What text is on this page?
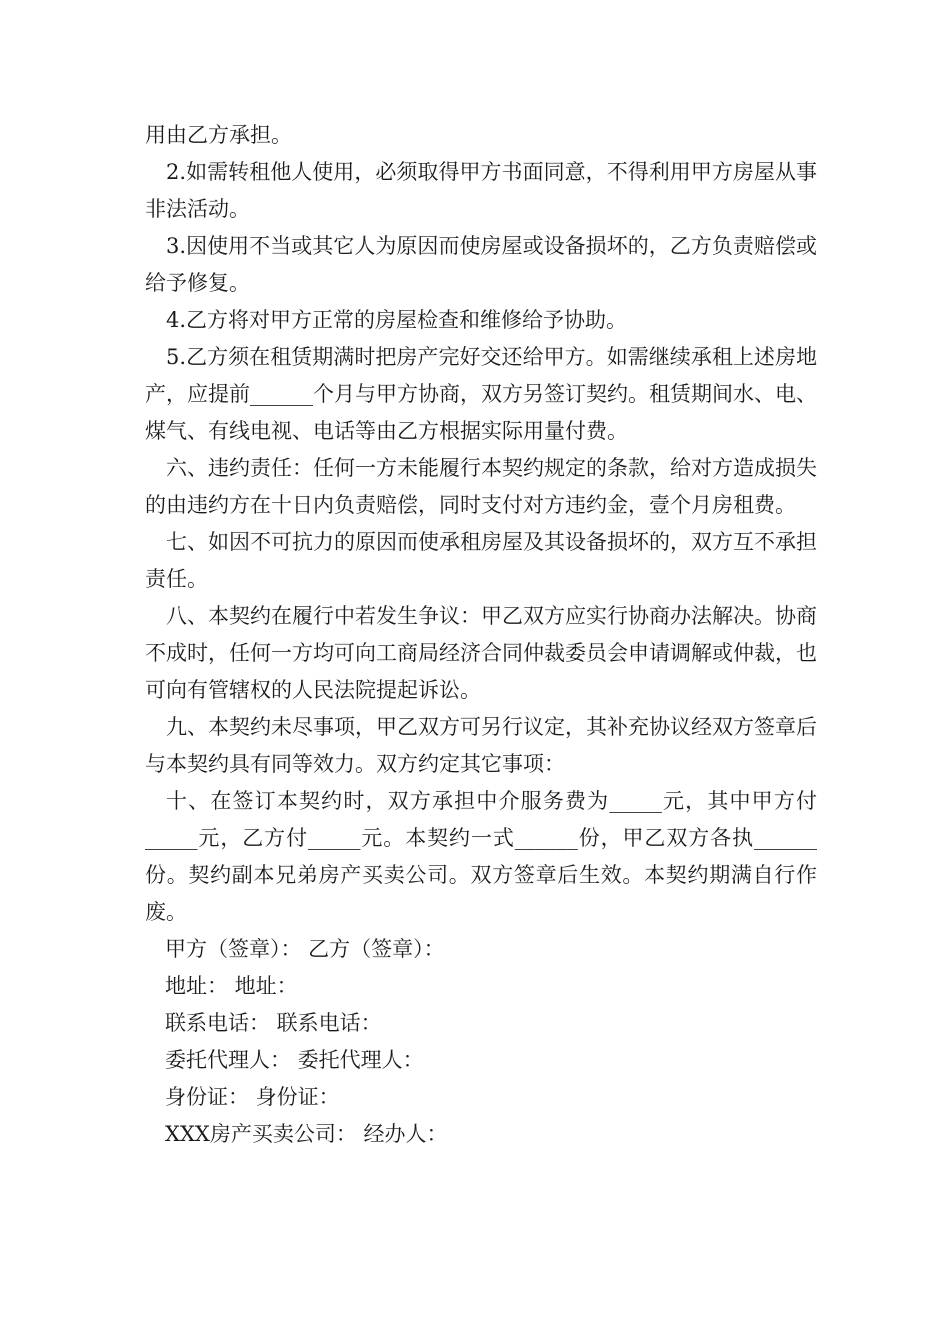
用由乙方承担。

2.如需转租他人使用，必须取得甲方书面同意，不得利用甲方房屋从事非法活动。

3.因使用不当或其它人为原因而使房屋或设备损坏的，乙方负责赔偿或给予修复。

4.乙方将对甲方正常的房屋检查和维修给予协助。

5.乙方须在租赁期满时把房产完好交还给甲方。如需继续承租上述房地产，应提前______个月与甲方协商，双方另签订契约。租赁期间水、电、煤气、有线电视、电话等由乙方根据实际用量付费。

六、违约责任：任何一方未能履行本契约规定的条款，给对方造成损失的由违约方在十日内负责赔偿，同时支付对方违约金，壹个月房租费。

七、如因不可抗力的原因而使承租房屋及其设备损坏的，双方互不承担责任。

八、本契约在履行中若发生争议：甲乙双方应实行协商办法解决。协商不成时，任何一方均可向工商局经济合同仲裁委员会申请调解或仲裁，也可向有管辖权的人民法院提起诉讼。

九、本契约未尽事项，甲乙双方可另行议定，其补充协议经双方签章后与本契约具有同等效力。双方约定其它事项：

十、在签订本契约时，双方承担中介服务费为_____元，其中甲方付_____元，乙方付_____元。本契约一式______份，甲乙双方各执______份。契约副本兄弟房产买卖公司。双方签章后生效。本契约期满自行作废。

甲方（签章）： 乙方（签章）：

地址： 地址：

联系电话： 联系电话：

委托代理人： 委托代理人：

身份证： 身份证：

XXX房产买卖公司： 经办人：
